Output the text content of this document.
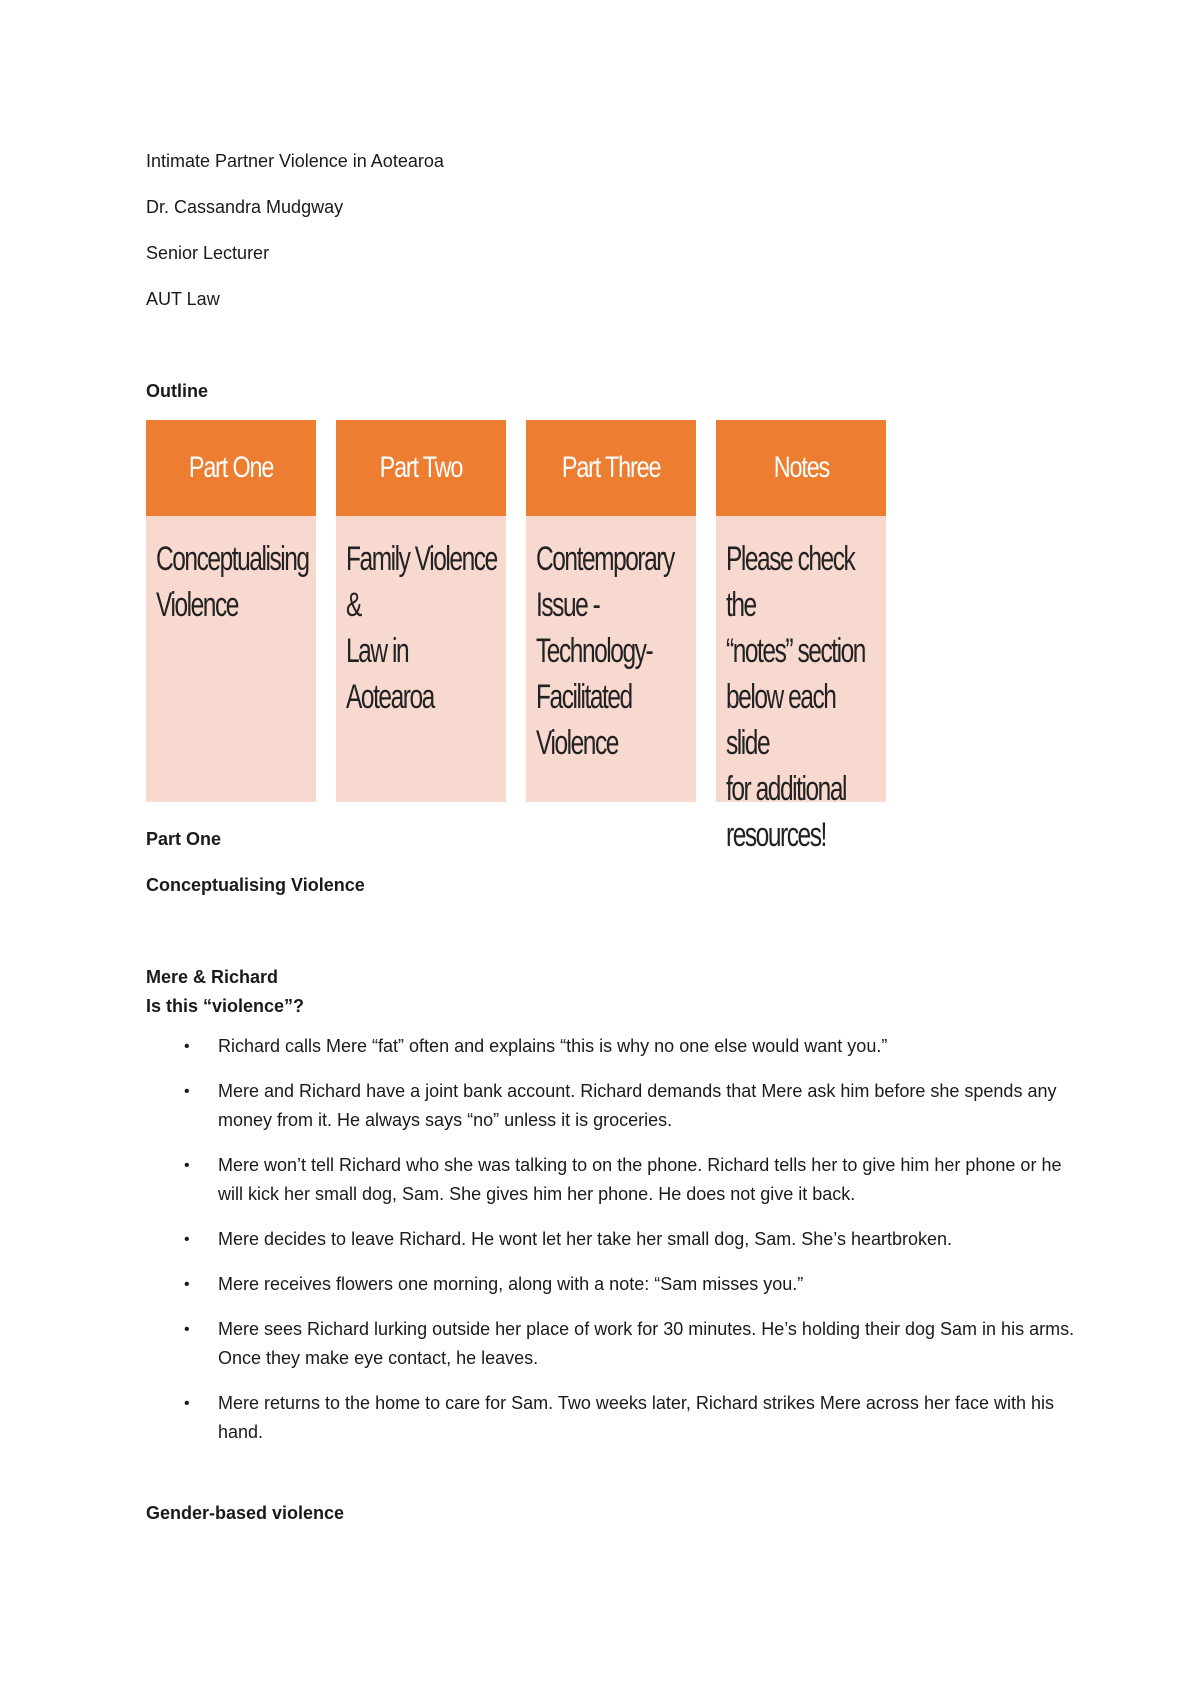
Intimate Partner Violence in Aotearoa
Dr. Cassandra Mudgway
Senior Lecturer
AUT Law
Outline
Part One
Conceptualising
Violence
Part Two
Family Violence &
Law in Aotearoa
Part Three
Contemporary
Issue -
Technology-
Facilitated
Violence
Notes
Please check the
“notes” section
below each slide
for additional
resources!
Part One
Conceptualising Violence
Mere & Richard
Is this “violence”?
• Richard calls Mere “fat” often and explains “this is why no one else would want you.”
• Mere and Richard have a joint bank account. Richard demands that Mere ask him before she spends any money from it. He always says “no” unless it is groceries.
• Mere won’t tell Richard who she was talking to on the phone. Richard tells her to give him her phone or he will kick her small dog, Sam. She gives him her phone. He does not give it back.
• Mere decides to leave Richard. He wont let her take her small dog, Sam. She’s heartbroken.
• Mere receives flowers one morning, along with a note: “Sam misses you.”
• Mere sees Richard lurking outside her place of work for 30 minutes. He’s holding their dog Sam in his arms. Once they make eye contact, he leaves.
• Mere returns to the home to care for Sam. Two weeks later, Richard strikes Mere across her face with his hand.
Gender-based violence
